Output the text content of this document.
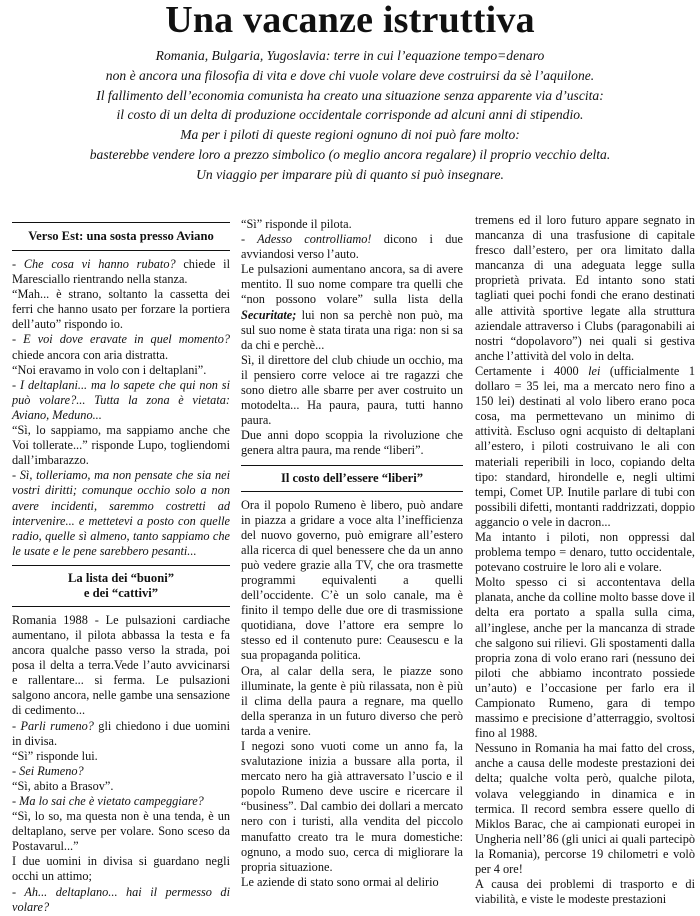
Una vacanze istruttiva
Romania, Bulgaria, Yugoslavia: terre in cui l’equazione tempo=denaro
non è ancora una filosofia di vita e dove chi vuole volare deve costruirsi da sè l’aquilone.
Il fallimento dell’economia comunista ha creato una situazione senza apparente via d’uscita:
il costo di un delta di produzione occidentale corrisponde ad alcuni anni di stipendio.
Ma per i piloti di queste regioni ognuno di noi può fare molto:
basterebbe vendere loro a prezzo simbolico (o meglio ancora regalare) il proprio vecchio delta.
Un viaggio per imparare più di quanto si può insegnare.
Verso Est: una sosta presso Aviano

- Che cosa vi hanno rubato? chiede il Maresciallo rientrando nella stanza.

“Mah... è strano, soltanto la cassetta dei ferri che hanno usato per forzare la portiera dell’auto” rispondo io.

- E voi dove eravate in quel momento? chiede ancora con aria distratta.

“Noi eravamo in volo con i deltaplani”.

- I deltaplani... ma lo sapete che qui non si può volare?... Tutta la zona è vietata: Aviano, Meduno...

“Sì, lo sappiamo, ma sappiamo anche che Voi tollerate...” risponde Lupo, togliendomi dall’imbarazzo.

- Sì, tolleriamo, ma non pensate che sia nei vostri diritti; comunque occhio solo a non avere incidenti, saremmo costretti ad intervenire... e mettetevi a posto con quelle radio, quelle sì almeno, tanto sappiamo che le usate e le pene sarebbero pesanti...

La lista dei “buoni”
e dei “cattivi”

Romania 1988 - Le pulsazioni cardiache aumentano, il pilota abbassa la testa e fa ancora qualche passo verso la strada, poi posa il delta a terra.Vede l’auto avvicinarsi e rallentare... si ferma. Le pulsazioni salgono ancora, nelle gambe una sensazione di cedimento...

- Parli rumeno? gli chiedono i due uomini in divisa.

“Sì” risponde lui.

- Sei Rumeno?

“Sì, abito a Brasov”.

- Ma lo sai che è vietato campeggiare?

“Sì, lo so, ma questa non è una tenda, è un deltaplano, serve per volare. Sono sceso da Postavarul...”

I due uomini in divisa si guardano negli occhi un attimo;

- Ah... deltaplano... hai il permesso di volare?

“Sì” risponde il pilota.

- Adesso controlliamo! dicono i due avviandosi verso l’auto.

Le pulsazioni aumentano ancora, sa di avere mentito. Il suo nome compare tra quelli che “non possono volare” sulla lista della Securitate; lui non sa perchè non può, ma sul suo nome è stata tirata una riga: non si sa da chi e perchè...

Sì, il direttore del club chiude un occhio, ma il pensiero corre veloce ai tre ragazzi che sono dietro alle sbarre per aver costruito un motodelta... Ha paura, paura, tutti hanno paura.

Due anni dopo scoppia la rivoluzione che genera altra paura, ma rende “liberi”.

Il costo dell’essere “liberi”

Ora il popolo Rumeno è libero, può andare in piazza a gridare a voce alta l’inefficienza del nuovo governo, può emigrare all’estero alla ricerca di quel benessere che da un anno può vedere grazie alla TV, che ora trasmette programmi equivalenti a quelli dell’occidente. C’è un solo canale, ma è finito il tempo delle due ore di trasmissione quotidiana, dove l’attore era sempre lo stesso ed il contenuto pure: Ceausescu e la sua propaganda politica.

Ora, al calar della sera, le piazze sono illuminate, la gente è più rilassata, non è più il clima della paura a regnare, ma quello della speranza in un futuro diverso che però tarda a venire.

I negozi sono vuoti come un anno fa, la svalutazione inizia a bussare alla porta, il mercato nero ha già attraversato l’uscio e il popolo Rumeno deve uscire e ricercare il “business”. Dal cambio dei dollari a mercato nero con i turisti, alla vendita del piccolo manufatto creato tra le mura domestiche: ognuno, a modo suo, cerca di migliorare la propria situazione.

Le aziende di stato sono ormai al delirio

tremens ed il loro futuro appare segnato in mancanza di una trasfusione di capitale fresco dall’estero, per ora limitato dalla mancanza di una adeguata legge sulla proprietà privata. Ed intanto sono stati tagliati quei pochi fondi che erano destinati alle attività sportive legate alla struttura aziendale attraverso i Clubs (paragonabili ai nostri “dopolavoro”) nei quali si gestiva anche l’attività del volo in delta.

Certamente i 4000 lei (ufficialmente 1 dollaro = 35 lei, ma a mercato nero fino a 150 lei) destinati al volo libero erano poca cosa, ma permettevano un minimo di attività. Escluso ogni acquisto di deltaplani all’estero, i piloti costruivano le ali con materiali reperibili in loco, copiando delta tipo: standard, hirondelle e, negli ultimi tempi, Comet UP. Inutile parlare di tubi con possibili difetti, montanti raddrizzati, doppio aggancio o vele in dacron...

Ma intanto i piloti, non oppressi dal problema tempo = denaro, tutto occidentale, potevano costruire le loro ali e volare.

Molto spesso ci si accontentava della planata, anche da colline molto basse dove il delta era portato a spalla sulla cima, all’inglese, anche per la mancanza di strade che salgono sui rilievi. Gli spostamenti dalla propria zona di volo erano rari (nessuno dei piloti che abbiamo incontrato possiede un’auto) e l’occasione per farlo era il Campionato Rumeno, gara di tempo massimo e precisione d’atterraggio, svoltosi fino al 1988.

Nessuno in Romania ha mai fatto del cross, anche a causa delle modeste prestazioni dei delta; qualche volta però, qualche pilota, volava veleggiando in dinamica e in termica. Il record sembra essere quello di Miklos Barac, che ai campionati europei in Ungheria nell’86 (gli unici ai quali partecipò la Romania), percorse 19 chilometri e volò per 4 ore!

A causa dei problemi di trasporto e di viabilità, e viste le modeste prestazioni
